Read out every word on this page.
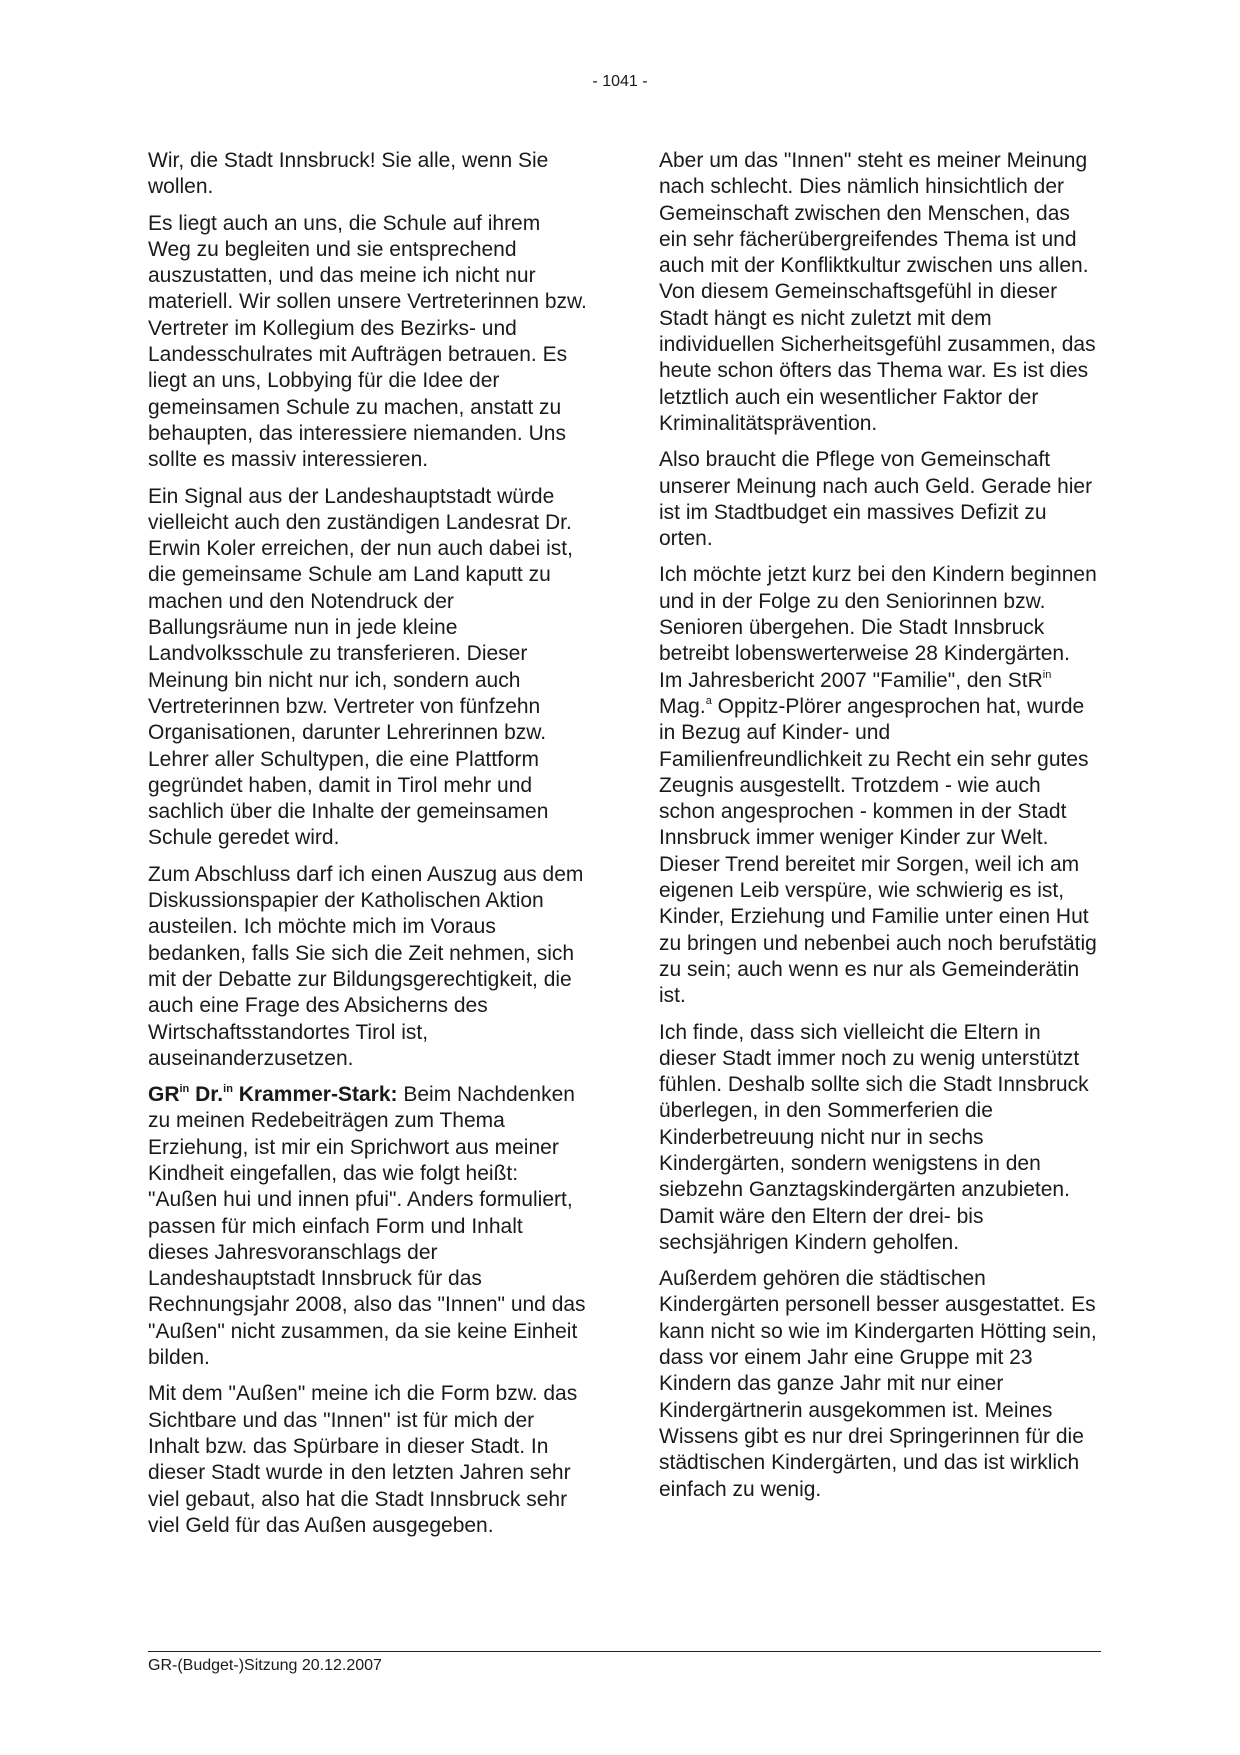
- 1041 -

Wir, die Stadt Innsbruck! Sie alle, wenn Sie wollen.

Es liegt auch an uns, die Schule auf ihrem Weg zu begleiten und sie entsprechend auszustatten, und das meine ich nicht nur materiell. Wir sollen unsere Vertreterinnen bzw. Vertreter im Kollegium des Bezirks- und Landesschulrates mit Aufträgen betrauen. Es liegt an uns, Lobbying für die Idee der gemeinsamen Schule zu machen, anstatt zu behaupten, das interessiere niemanden. Uns sollte es massiv interessieren.

Ein Signal aus der Landeshauptstadt würde vielleicht auch den zuständigen Landesrat Dr. Erwin Koler erreichen, der nun auch dabei ist, die gemeinsame Schule am Land kaputt zu machen und den Notendruck der Ballungsräume nun in jede kleine Landvolksschule zu transferieren. Dieser Meinung bin nicht nur ich, sondern auch Vertreterinnen bzw. Vertreter von fünfzehn Organisationen, darunter Lehrerinnen bzw. Lehrer aller Schultypen, die eine Plattform gegründet haben, damit in Tirol mehr und sachlich über die Inhalte der gemeinsamen Schule geredet wird.

Zum Abschluss darf ich einen Auszug aus dem Diskussionspapier der Katholischen Aktion austeilen. Ich möchte mich im Voraus bedanken, falls Sie sich die Zeit nehmen, sich mit der Debatte zur Bildungsgerechtigkeit, die auch eine Frage des Absicherns des Wirtschaftsstandortes Tirol ist, auseinanderzusetzen.

$GR^{in}$ Dr.$^{in}$ Krammer-Stark: Beim Nachdenken zu meinen Redebeiträgen zum Thema Erziehung, ist mir ein Sprichwort aus meiner Kindheit eingefallen, das wie folgt heißt: "Außen hui und innen pfui". Anders formuliert, passen für mich einfach Form und Inhalt dieses Jahresvoranschlags der Landeshauptstadt Innsbruck für das Rechnungsjahr 2008, also das "Innen" und das "Außen" nicht zusammen, da sie keine Einheit bilden.

Mit dem "Außen" meine ich die Form bzw. das Sichtbare und das "Innen" ist für mich der Inhalt bzw. das Spürbare in dieser Stadt. In dieser Stadt wurde in den letzten Jahren sehr viel gebaut, also hat die Stadt Innsbruck sehr viel Geld für das Außen ausgegeben.

Aber um das "Innen" steht es meiner Meinung nach schlecht. Dies nämlich hinsichtlich der Gemeinschaft zwischen den Menschen, das ein sehr fächerübergreifendes Thema ist und auch mit der Konfliktkultur zwischen uns allen. Von diesem Gemeinschaftsgefühl in dieser Stadt hängt es nicht zuletzt mit dem individuellen Sicherheitsgefühl zusammen, das heute schon öfters das Thema war. Es ist dies letztlich auch ein wesentlicher Faktor der Kriminalitätsprävention.

Also braucht die Pflege von Gemeinschaft unserer Meinung nach auch Geld. Gerade hier ist im Stadtbudget ein massives Defizit zu orten.

Ich möchte jetzt kurz bei den Kindern beginnen und in der Folge zu den Seniorinnen bzw. Senioren übergehen. Die Stadt Innsbruck betreibt lobenswerterweise 28 Kindergärten. Im Jahresbericht 2007 "Familie", den StR$^{in}$ Mag.$^a$ Oppitz-Plörer angesprochen hat, wurde in Bezug auf Kinder- und Familienfreundlichkeit zu Recht ein sehr gutes Zeugnis ausgestellt. Trotzdem - wie auch schon angesprochen - kommen in der Stadt Innsbruck immer weniger Kinder zur Welt. Dieser Trend bereitet mir Sorgen, weil ich am eigenen Leib verspüre, wie schwierig es ist, Kinder, Erziehung und Familie unter einen Hut zu bringen und nebenbei auch noch berufstätig zu sein; auch wenn es nur als Gemeinderätin ist.

Ich finde, dass sich vielleicht die Eltern in dieser Stadt immer noch zu wenig unterstützt fühlen. Deshalb sollte sich die Stadt Innsbruck überlegen, in den Sommerferien die Kinderbetreuung nicht nur in sechs Kindergärten, sondern wenigstens in den siebzehn Ganztagskindergärten anzubieten. Damit wäre den Eltern der drei- bis sechsjährigen Kindern geholfen.

Außerdem gehören die städtischen Kindergärten personell besser ausgestattet. Es kann nicht so wie im Kindergarten Hötting sein, dass vor einem Jahr eine Gruppe mit 23 Kindern das ganze Jahr mit nur einer Kindergärtnerin ausgekommen ist. Meines Wissens gibt es nur drei Springerinnen für die städtischen Kindergärten, und das ist wirklich einfach zu wenig.

GR-(Budget-)Sitzung 20.12.2007
